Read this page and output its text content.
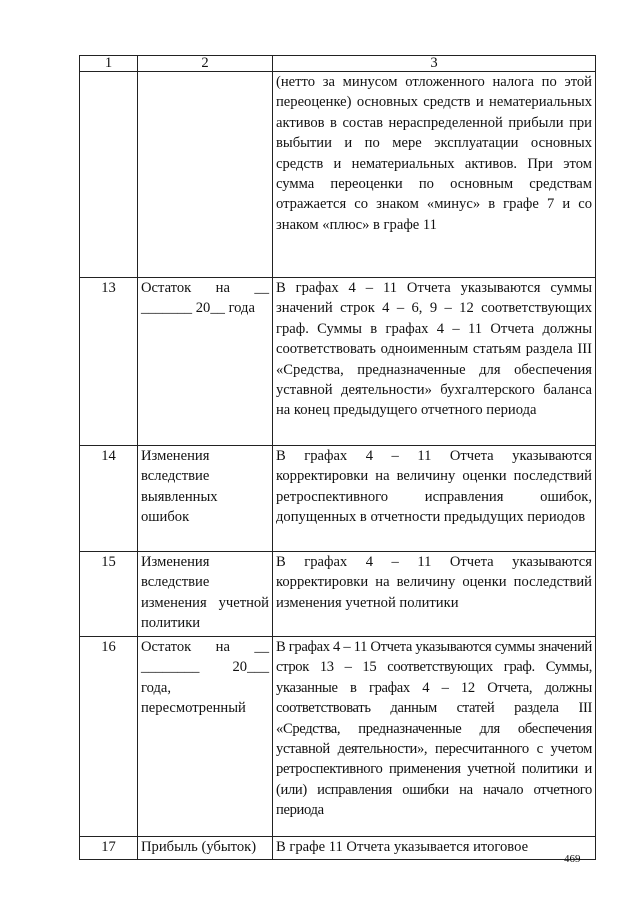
1	2	3
		(нетто за минусом отложенного налога по этой переоценке) основных средств и нематериальных активов в состав нераспределенной прибыли при выбытии и по мере эксплуатации основных средств и нематериальных активов. При этом сумма переоценки по основным средствам отражается со знаком «минус» в графе 7 и со знаком «плюс» в графе 11
13	Остаток на __ _______ 20__ года	В графах 4 – 11 Отчета указываются суммы значений строк 4 – 6, 9 – 12 соответствующих граф. Суммы в графах 4 – 11 Отчета должны соответствовать одноименным статьям раздела III «Средства, предназначенные для обеспечения уставной деятельности» бухгалтерского баланса на конец предыдущего отчетного периода
14	Изменения вследствие выявленных ошибок	В графах 4 – 11 Отчета указываются корректировки на величину оценки последствий ретроспективного исправления ошибок, допущенных в отчетности предыдущих периодов
15	Изменения вследствие изменения учетной политики	В графах 4 – 11 Отчета указываются корректировки на величину оценки последствий изменения учетной политики
16	Остаток на __ ________ 20___ года, пересмотренный	В графах 4 – 11 Отчета указываются суммы значений строк 13 – 15 соответствующих граф. Суммы, указанные в графах 4 – 12 Отчета, должны соответствовать данным статей раздела III «Средства, предназначенные для обеспечения уставной деятельности», пересчитанного с учетом ретроспективного применения учетной политики и (или) исправления ошибки на начало отчетного периода

17	Прибыль (убыток)	В графе 11 Отчета указывается итоговое
469
